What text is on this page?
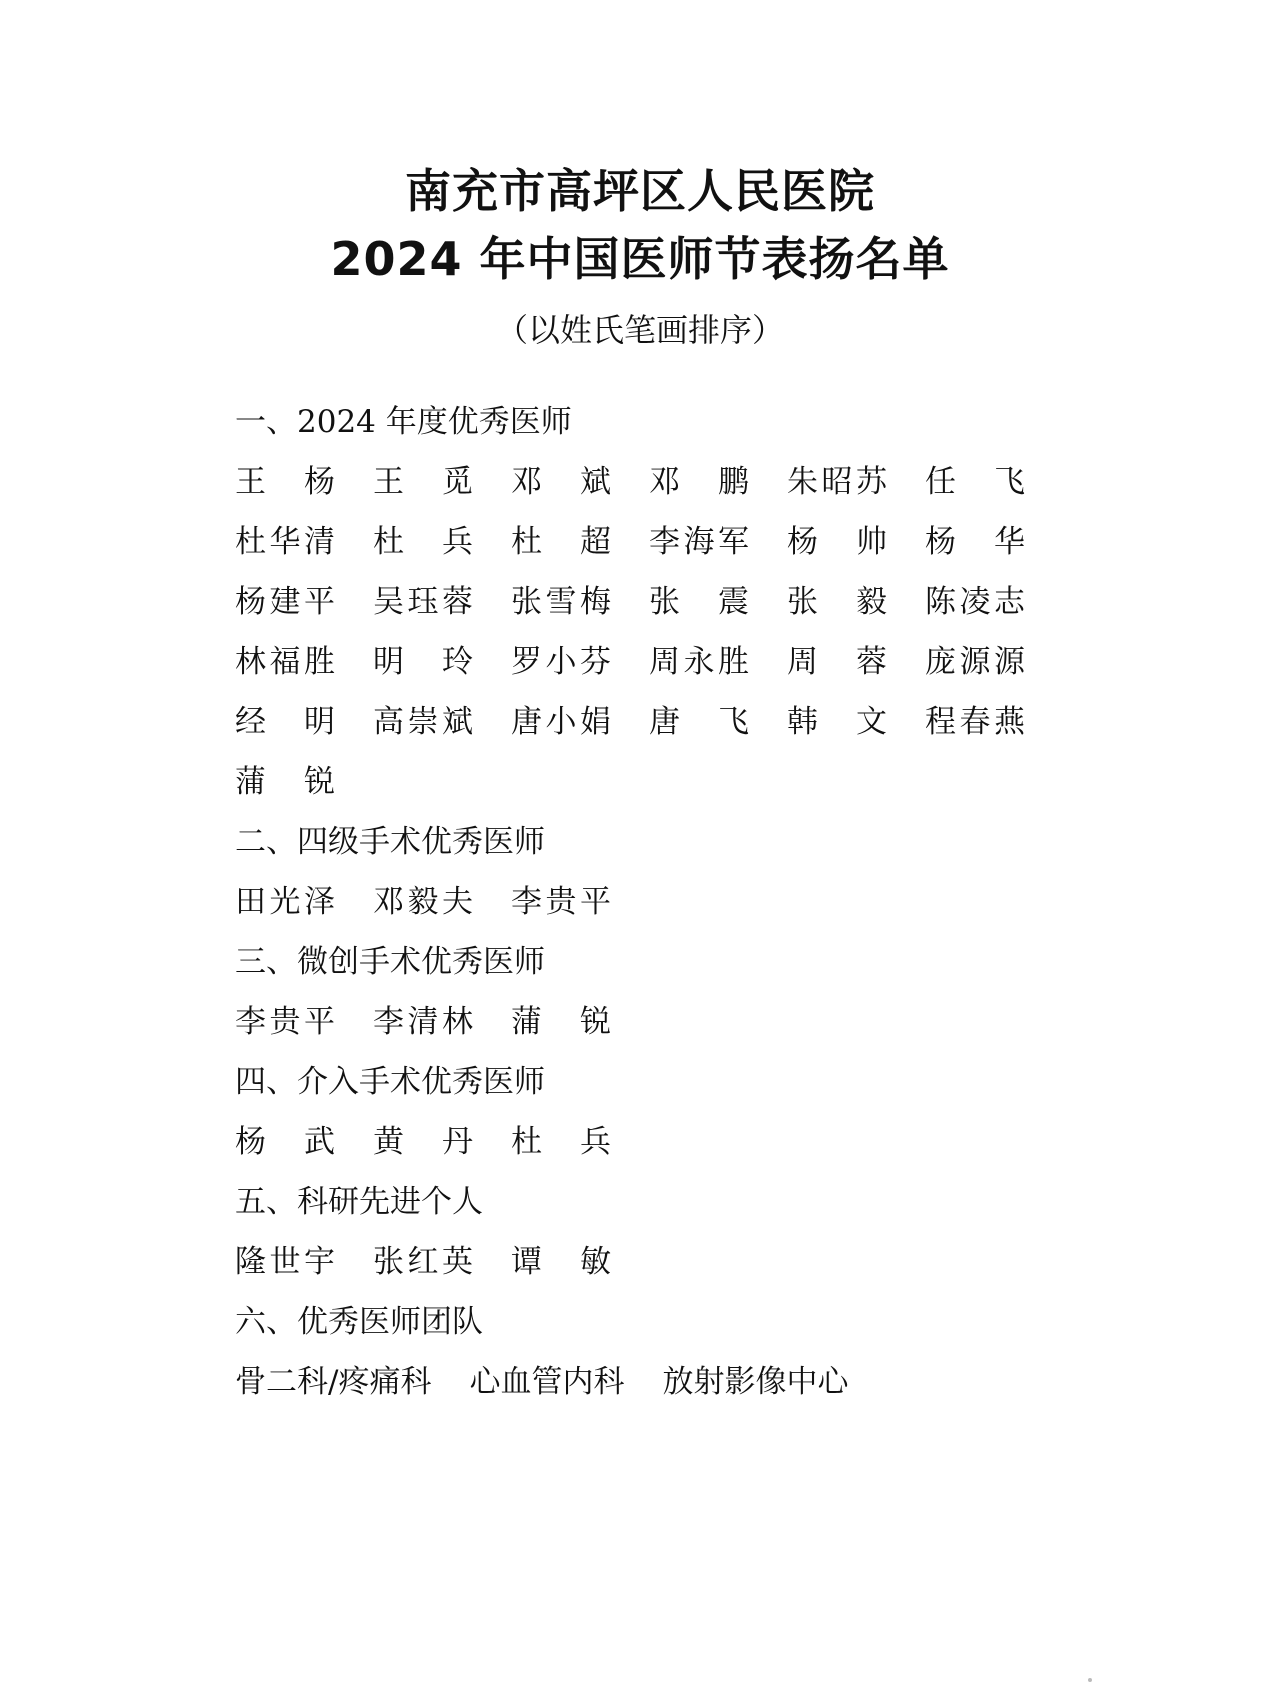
南充市高坪区人民医院
2024 年中国医师节表扬名单
（以姓氏笔画排序）
一、2024 年度优秀医师
王 杨 王 觅 邓 斌 邓 鹏 朱 昭 苏 任 飞
杜 华 清 杜 兵 杜 超 李 海 军 杨 帅 杨 华
杨 建 平 吴 珏 蓉 张 雪 梅 张 震 张 毅 陈 凌 志
林 福 胜 明 玲 罗 小 芬 周 永 胜 周 蓉 庞 源 源
经 明 高 崇 斌 唐 小 娟 唐 飞 韩 文 程 春 燕
蒲 锐
二、四级手术优秀医师
田 光 泽 邓 毅 夫 李 贵 平
三、微创手术优秀医师
李 贵 平 李 清 林 蒲 锐
四、介入手术优秀医师
杨 武 黄 丹 杜 兵
五、科研先进个人
隆 世 宇 张 红 英 谭 敏
六、优秀医师团队
骨二科/疼痛科 心血管内科 放射影像中心
